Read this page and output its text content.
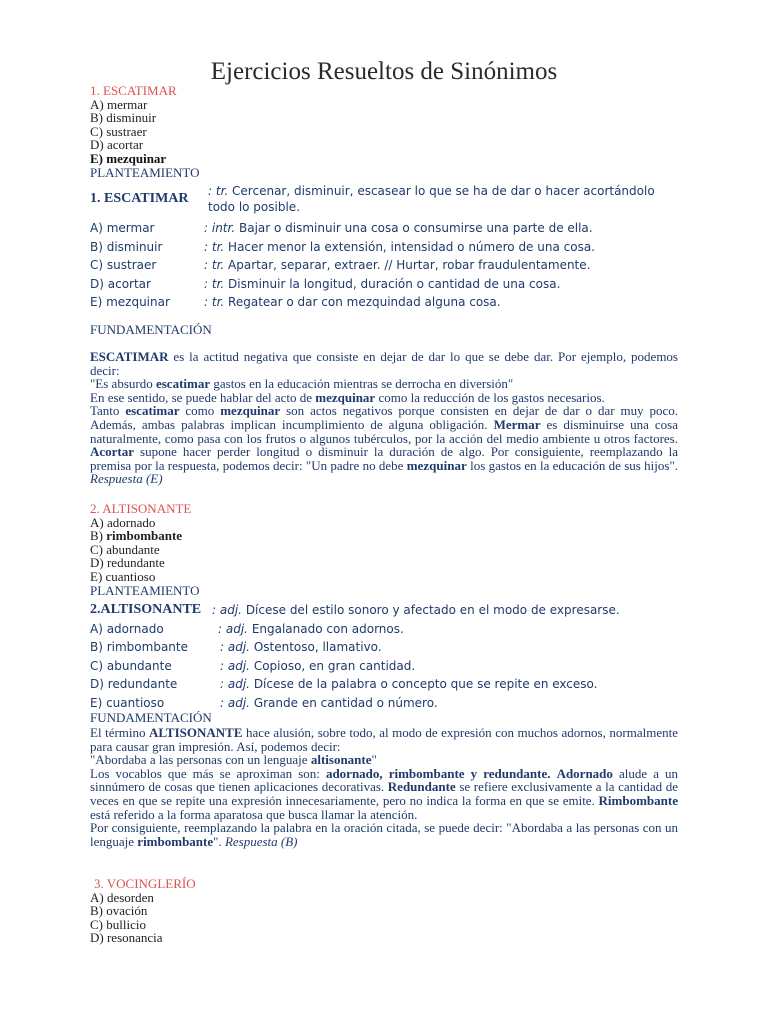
Ejercicios Resueltos de Sinónimos
1. ESCATIMAR
A) mermar
B) disminuir
C) sustraer
D) acortar
E) mezquinar
PLANTEAMIENTO
1. ESCATIMAR	: tr. Cercenar, disminuir, escasear lo que se ha de dar o hacer acortándolo todo lo posible.
A) mermar	: intr. Bajar o disminuir una cosa o consumirse una parte de ella.
B) disminuir	: tr. Hacer menor la extensión, intensidad o número de una cosa.
C) sustraer	: tr. Apartar, separar, extraer. // Hurtar, robar fraudulentamente.
D) acortar	: tr. Disminuir la longitud, duración o cantidad de una cosa.
E) mezquinar	: tr. Regatear o dar con mezquindad alguna cosa.
FUNDAMENTACIÓN
ESCATIMAR es la actitud negativa que consiste en dejar de dar lo que se debe dar. Por ejemplo, podemos decir:
"Es absurdo escatimar gastos en la educación mientras se derrocha en diversión"
En ese sentido, se puede hablar del acto de mezquinar como la reducción de los gastos necesarios.
Tanto escatimar como mezquinar son actos negativos porque consisten en dejar de dar o dar muy poco. Además, ambas palabras implican incumplimiento de alguna obligación. Mermar es disminuirse una cosa naturalmente, como pasa con los frutos o algunos tubérculos, por la acción del medio ambiente u otros factores. Acortar supone hacer perder longitud o disminuir la duración de algo. Por consiguiente, reemplazando la premisa por la respuesta, podemos decir: "Un padre no debe mezquinar los gastos en la educación de sus hijos". Respuesta (E)
2. ALTISONANTE
A) adornado
B) rimbombante
C) abundante
D) redundante
E) cuantioso
PLANTEAMIENTO
2.ALTISONANTE : adj. Dícese del estilo sonoro y afectado en el modo de expresarse.
A) adornado	: adj. Engalanado con adornos.
B) rimbombante	: adj. Ostentoso, llamativo.
C) abundante	: adj. Copioso, en gran cantidad.
D) redundante	: adj. Dícese de la palabra o concepto que se repite en exceso.
E) cuantioso	: adj. Grande en cantidad o número.
FUNDAMENTACIÓN
El término ALTISONANTE hace alusión, sobre todo, al modo de expresión con muchos adornos, normalmente para causar gran impresión. Así, podemos decir:
"Abordaba a las personas con un lenguaje altisonante"
Los vocablos que más se aproximan son: adornado, rimbombante y redundante. Adornado alude a un sinnúmero de cosas que tienen aplicaciones decorativas. Redundante se refiere exclusivamente a la cantidad de veces en que se repite una expresión innecesariamente, pero no indica la forma en que se emite. Rimbombante está referido a la forma aparatosa que busca llamar la atención.
Por consiguiente, reemplazando la palabra en la oración citada, se puede decir: "Abordaba a las personas con un lenguaje rimbombante". Respuesta (B)
3. VOCINGLERÍO
A) desorden
B) ovación
C) bullicio
D) resonancia
